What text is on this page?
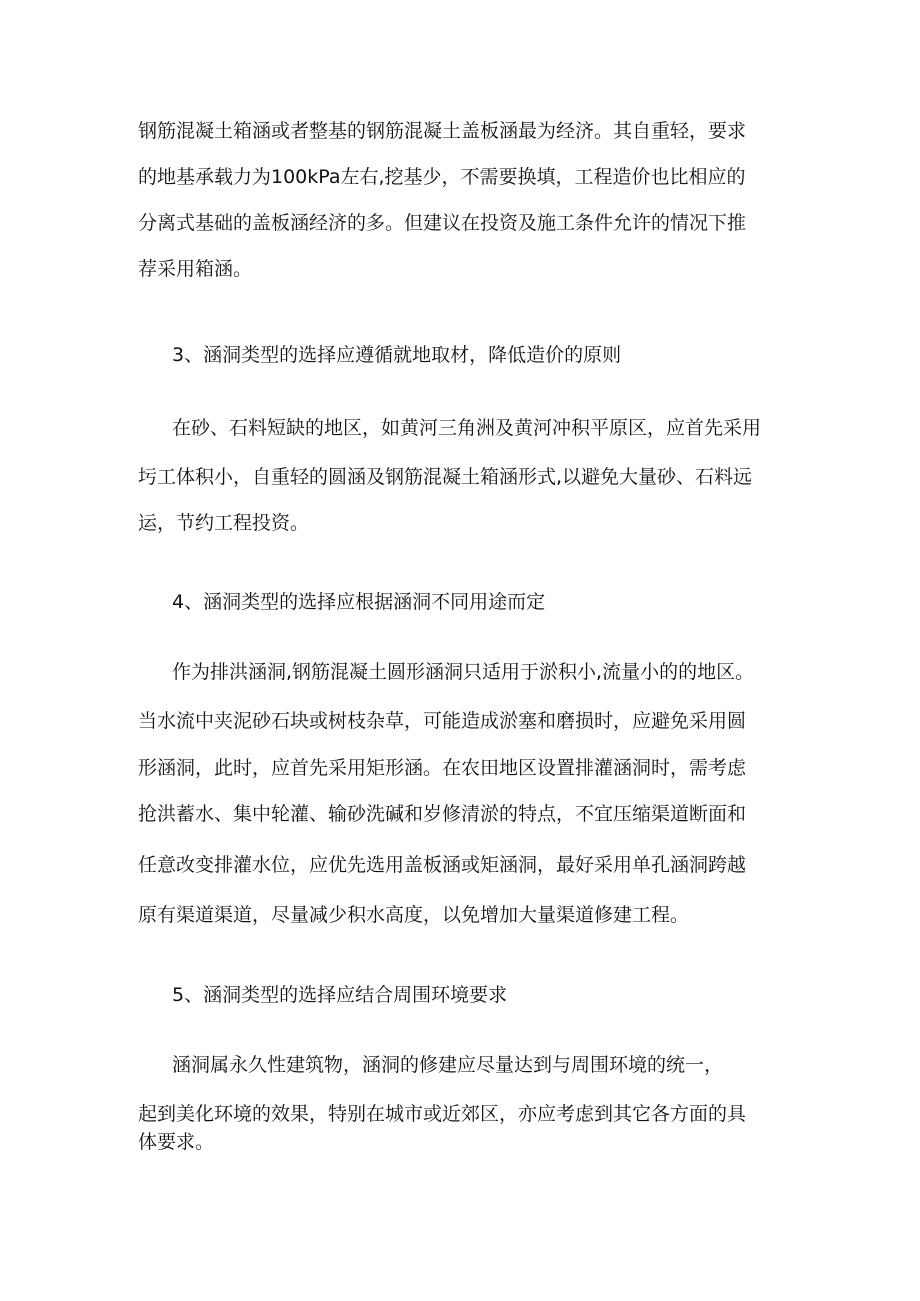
钢筋混凝土箱涵或者整基的钢筋混凝土盖板涵最为经济。其自重轻，要求
的地基承载力为100kPa左右,挖基少，不需要换填，工程造价也比相应的
分离式基础的盖板涵经济的多。但建议在投资及施工条件允许的情况下推
荐采用箱涵。
3、涵洞类型的选择应遵循就地取材，降低造价的原则
在砂、石料短缺的地区，如黄河三角洲及黄河冲积平原区，应首先采用
圬工体积小，自重轻的圆涵及钢筋混凝土箱涵形式,以避免大量砂、石料远
运，节约工程投资。
4、涵洞类型的选择应根据涵洞不同用途而定
作为排洪涵洞,钢筋混凝土圆形涵洞只适用于淤积小,流量小的的地区。
当水流中夹泥砂石块或树枝杂草，可能造成淤塞和磨损时，应避免采用圆
形涵洞，此时，应首先采用矩形涵。在农田地区设置排灌涵洞时，需考虑
抢洪蓄水、集中轮灌、输砂洗碱和岁修清淤的特点，不宜压缩渠道断面和
任意改变排灌水位，应优先选用盖板涵或矩涵洞，最好采用单孔涵洞跨越
原有渠道渠道，尽量减少积水高度，以免增加大量渠道修建工程。
5、涵洞类型的选择应结合周围环境要求
涵洞属永久性建筑物，涵洞的修建应尽量达到与周围环境的统一，
起到美化环境的效果，特别在城市或近郊区，亦应考虑到其它各方面的具
体要求。
